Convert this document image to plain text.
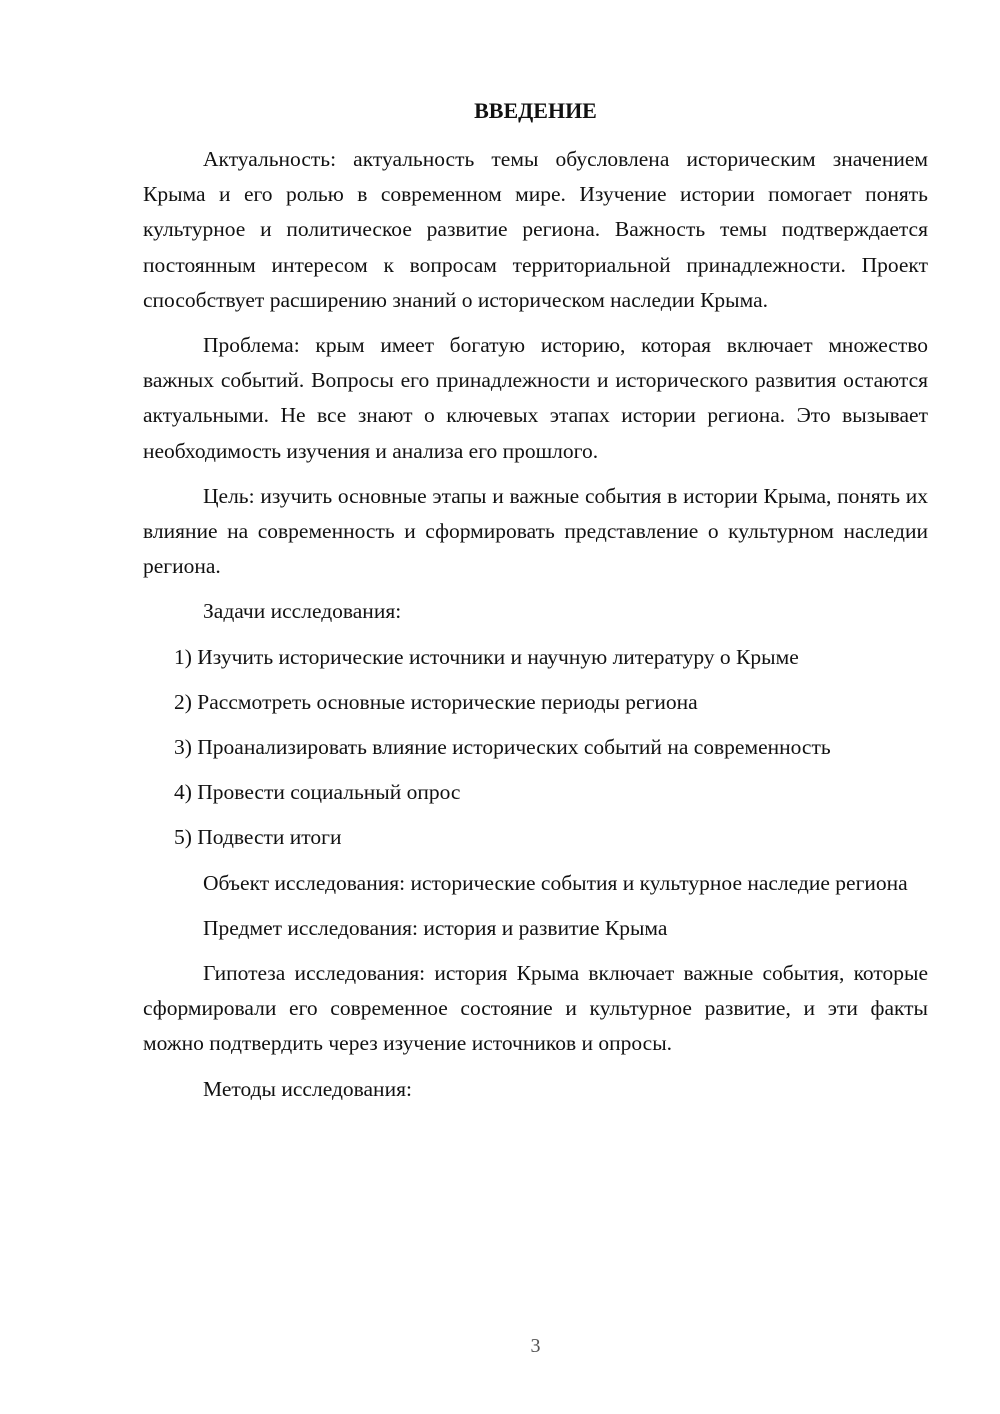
ВВЕДЕНИЕ

Актуальность: актуальность темы обусловлена историческим значением Крыма и его ролью в современном мире. Изучение истории помогает понять культурное и политическое развитие региона. Важность темы подтверждается постоянным интересом к вопросам территориальной принадлежности. Проект способствует расширению знаний о историческом наследии Крыма.

Проблема: крым имеет богатую историю, которая включает множество важных событий. Вопросы его принадлежности и исторического развития остаются актуальными. Не все знают о ключевых этапах истории региона. Это вызывает необходимость изучения и анализа его прошлого.

Цель: изучить основные этапы и важные события в истории Крыма, понять их влияние на современность и сформировать представление о культурном наследии региона.

Задачи исследования:

1) Изучить исторические источники и научную литературу о Крыме

2) Рассмотреть основные исторические периоды региона

3) Проанализировать влияние исторических событий на современность

4) Провести социальный опрос

5) Подвести итоги

Объект исследования: исторические события и культурное наследие региона

Предмет исследования: история и развитие Крыма

Гипотеза исследования: история Крыма включает важные события, которые сформировали его современное состояние и культурное развитие, и эти факты можно подтвердить через изучение источников и опросы.

Методы исследования:

3
